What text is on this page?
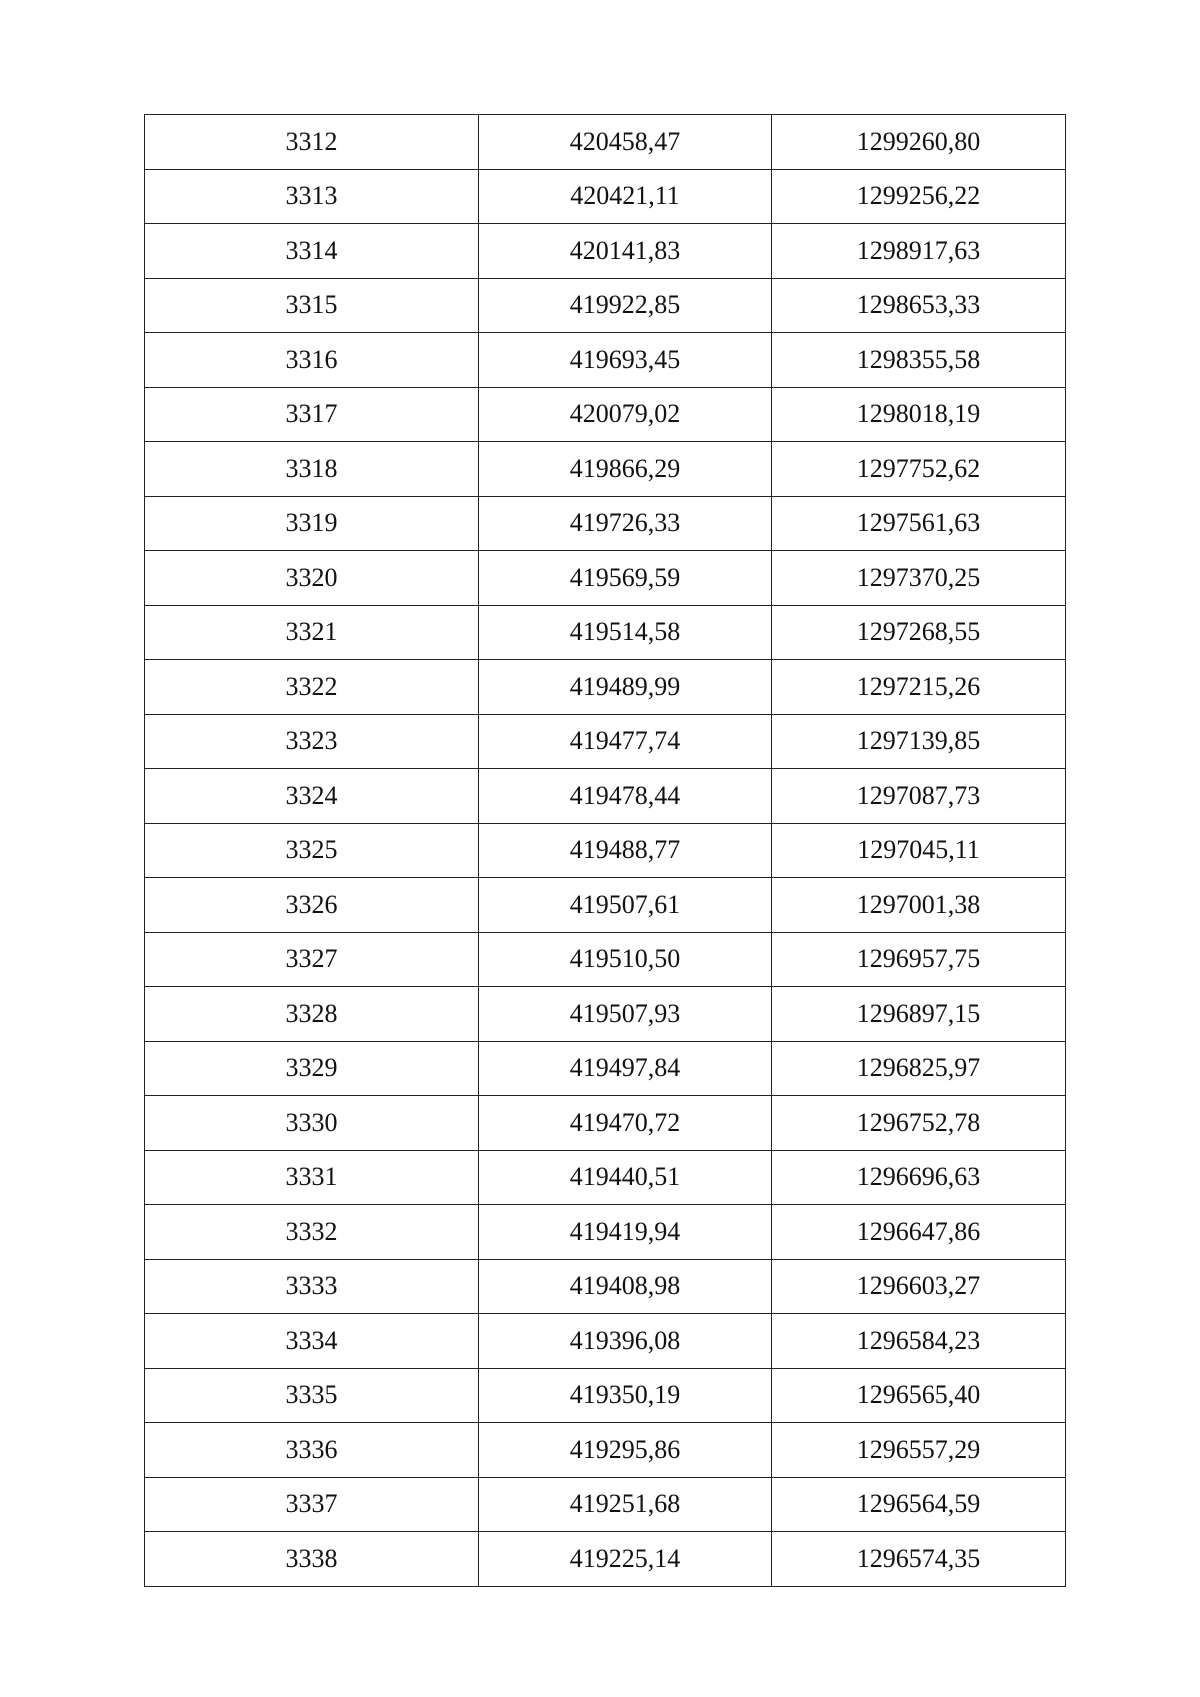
3312	420458,47	1299260,80
3313	420421,11	1299256,22
3314	420141,83	1298917,63
3315	419922,85	1298653,33
3316	419693,45	1298355,58
3317	420079,02	1298018,19
3318	419866,29	1297752,62
3319	419726,33	1297561,63
3320	419569,59	1297370,25
3321	419514,58	1297268,55
3322	419489,99	1297215,26
3323	419477,74	1297139,85
3324	419478,44	1297087,73
3325	419488,77	1297045,11
3326	419507,61	1297001,38
3327	419510,50	1296957,75
3328	419507,93	1296897,15
3329	419497,84	1296825,97
3330	419470,72	1296752,78
3331	419440,51	1296696,63
3332	419419,94	1296647,86
3333	419408,98	1296603,27
3334	419396,08	1296584,23
3335	419350,19	1296565,40
3336	419295,86	1296557,29
3337	419251,68	1296564,59
3338	419225,14	1296574,35
